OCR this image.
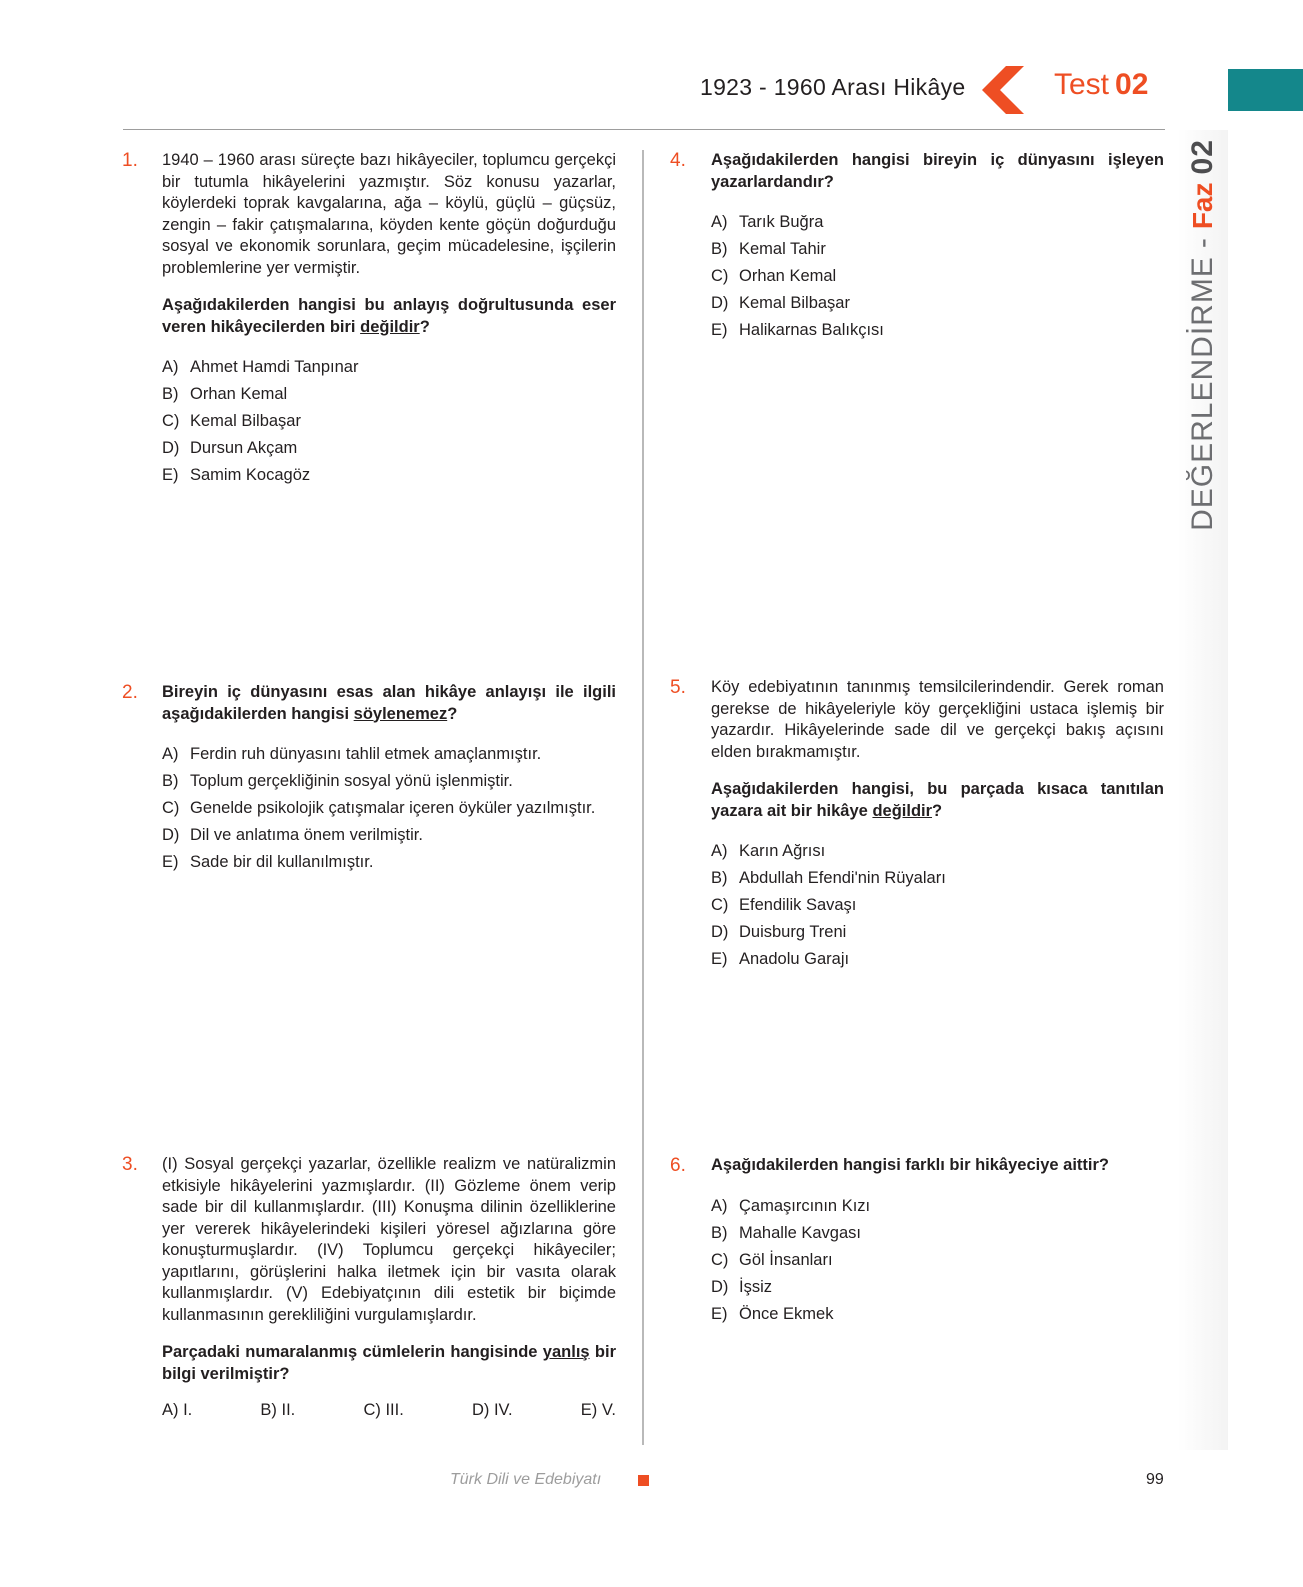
1923 - 1960 Arası Hikâye	Test 02
DEĞERLENDİRME-Faz02
1. 1940 – 1960 arası süreçte bazı hikâyeciler, toplumcu gerçekçi bir tutumla hikâyelerini yazmıştır. Söz konusu yazarlar, köylerdeki toprak kavgalarına, ağa – köylü, güçlü – güçsüz, zengin – fakir çatışmalarına, köyden kente göçün doğurduğu sosyal ve ekonomik sorunlara, geçim mücadelesine, işçilerin problemlerine yer vermiştir.
Aşağıdakilerden hangisi bu anlayış doğrultusunda eser veren hikâyecilerden biri değildir?
A) Ahmet Hamdi Tanpınar
B) Orhan Kemal
C) Kemal Bilbaşar
D) Dursun Akçam
E) Samim Kocagöz
2. Bireyin iç dünyasını esas alan hikâye anlayışı ile ilgili aşağıdakilerden hangisi söylenemez?
A) Ferdin ruh dünyasını tahlil etmek amaçlanmıştır.
B) Toplum gerçekliğinin sosyal yönü işlenmiştir.
C) Genelde psikolojik çatışmalar içeren öyküler yazılmıştır.
D) Dil ve anlatıma önem verilmiştir.
E) Sade bir dil kullanılmıştır.
3. (I) Sosyal gerçekçi yazarlar, özellikle realizm ve natüralizmin etkisiyle hikâyelerini yazmışlardır. (II) Gözleme önem verip sade bir dil kullanmışlardır. (III) Konuşma dilinin özelliklerine yer vererek hikâyelerindeki kişileri yöresel ağızlarına göre konuşturmuşlardır. (IV) Toplumcu gerçekçi hikâyeciler; yapıtlarını, görüşlerini halka iletmek için bir vasıta olarak kullanmışlardır. (V) Edebiyatçının dili estetik bir biçimde kullanmasının gerekliliğini vurgulamışlardır.
Parçadaki numaralanmış cümlelerin hangisinde yanlış bir bilgi verilmiştir?
A) I.	B) II.	C) III.	D) IV.	E) V.
4. Aşağıdakilerden hangisi bireyin iç dünyasını işleyen yazarlardandır?
A) Tarık Buğra
B) Kemal Tahir
C) Orhan Kemal
D) Kemal Bilbaşar
E) Halikarnas Balıkçısı
5. Köy edebiyatının tanınmış temsilcilerindendir. Gerek roman gerekse de hikâyeleriyle köy gerçekliğini ustaca işlemiş bir yazardır. Hikâyelerinde sade dil ve gerçekçi bakış açısını elden bırakmamıştır.
Aşağıdakilerden hangisi, bu parçada kısaca tanıtılan yazara ait bir hikâye değildir?
A) Karın Ağrısı
B) Abdullah Efendi'nin Rüyaları
C) Efendilik Savaşı
D) Duisburg Treni
E) Anadolu Garajı
6. Aşağıdakilerden hangisi farklı bir hikâyeciye aittir?
A) Çamaşırcının Kızı
B) Mahalle Kavgası
C) Göl İnsanları
D) İşsiz
E) Önce Ekmek
Türk Dili ve Edebiyatı	99
